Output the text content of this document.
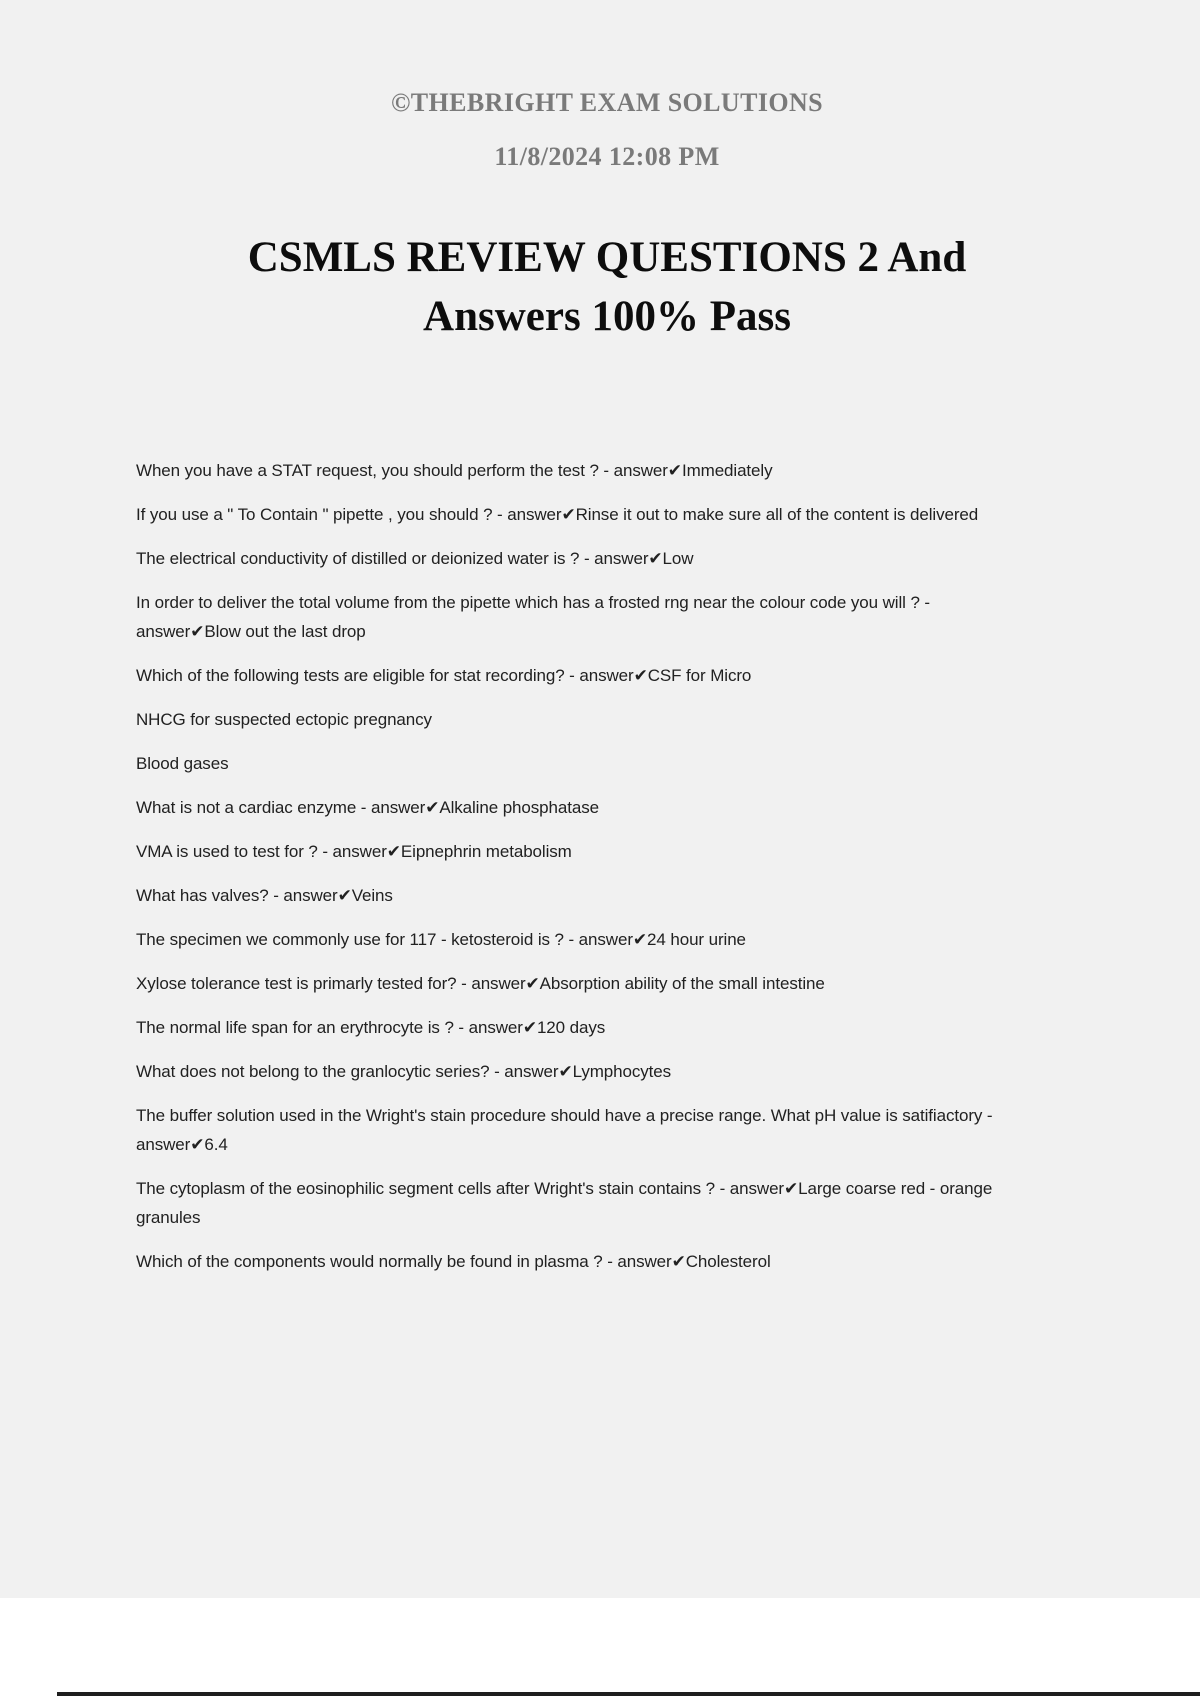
©THEBRIGHT EXAM SOLUTIONS
11/8/2024 12:08 PM
CSMLS REVIEW QUESTIONS 2 And Answers 100% Pass

When you have a STAT request, you should perform the test ? - answer✔Immediately

If you use a " To Contain " pipette , you should ? - answer✔Rinse it out to make sure all of the content is delivered

The electrical conductivity of distilled or deionized water is ? - answer✔Low

In order to deliver the total volume from the pipette which has a frosted rng near the colour code you will ? - answer✔Blow out the last drop

Which of the following tests are eligible for stat recording? - answer✔CSF for Micro

NHCG for suspected ectopic pregnancy

Blood gases

What is not a cardiac enzyme - answer✔Alkaline phosphatase

VMA is used to test for ? - answer✔Eipnephrin metabolism

What has valves? - answer✔Veins

The specimen we commonly use for 117 - ketosteroid is ? - answer✔24 hour urine

Xylose tolerance test is primarly tested for? - answer✔Absorption ability of the small intestine

The normal life span for an erythrocyte is ? - answer✔120 days

What does not belong to the granlocytic series? - answer✔Lymphocytes

The buffer solution used in the Wright's stain procedure should have a precise range. What pH value is satifiactory - answer✔6.4

The cytoplasm of the eosinophilic segment cells after Wright's stain contains ? - answer✔Large coarse red - orange granules

Which of the components would normally be found in plasma ? - answer✔Cholesterol
